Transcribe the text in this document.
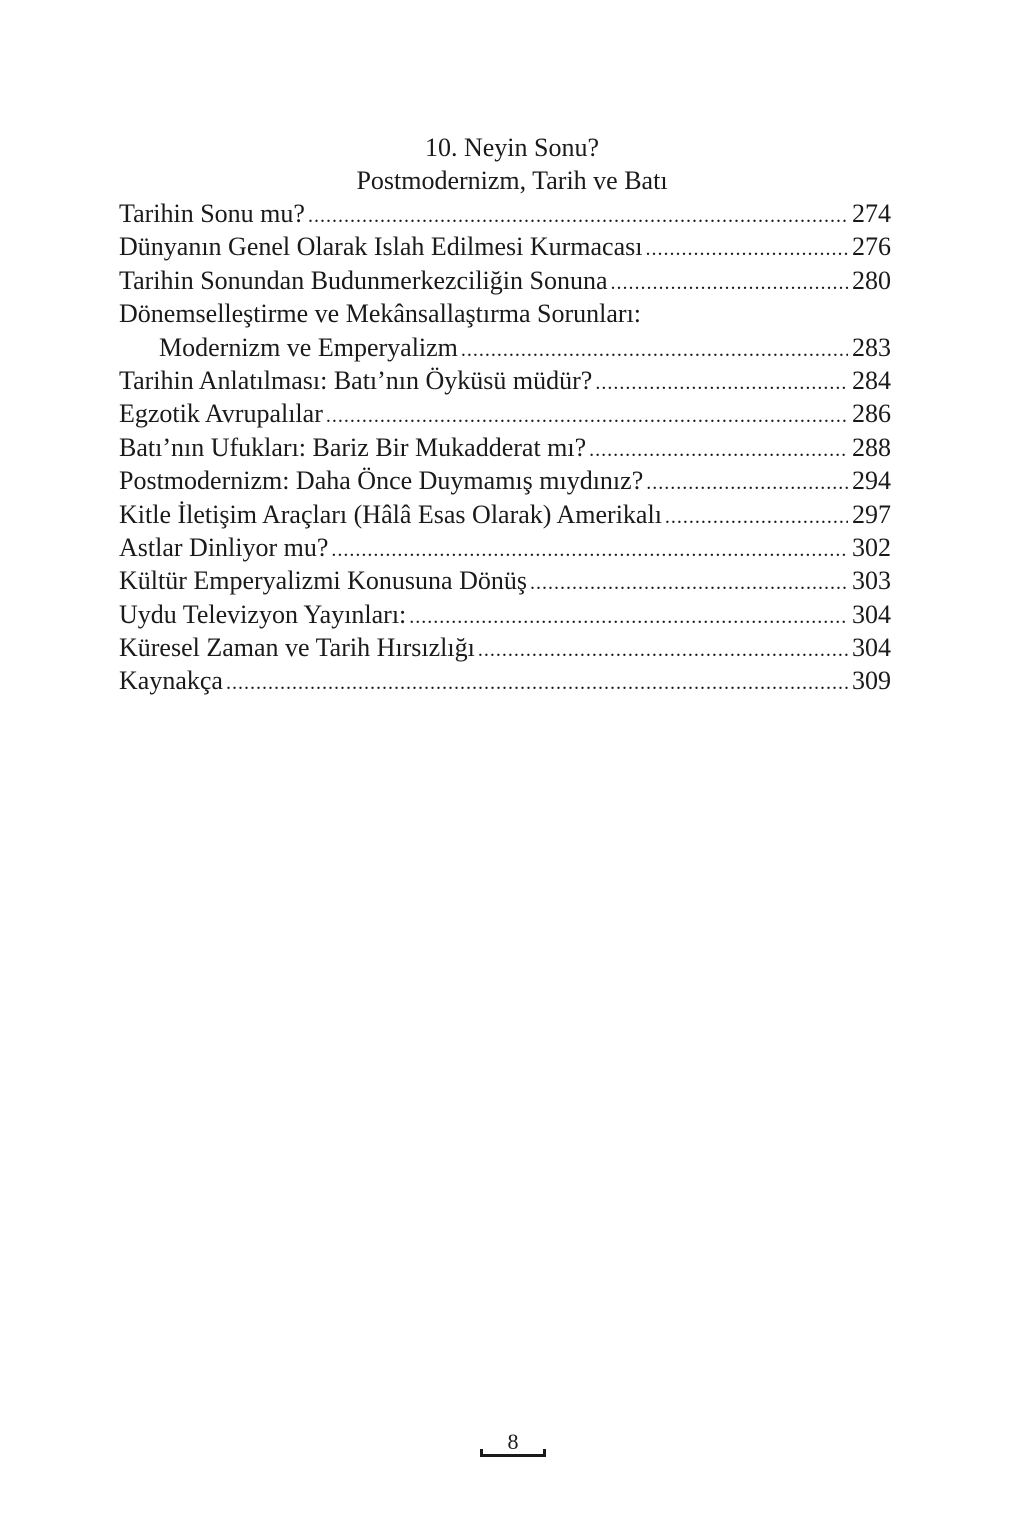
10. Neyin Sonu?
Postmodernizm, Tarih ve Batı
Tarihin Sonu mu? .....	274
Dünyanın Genel Olarak Islah Edilmesi Kurmacası .....	276
Tarihin Sonundan Budunmerkezciliğin Sonuna .....	280
Dönemselleştirme ve Mekânsallaştırma Sorunları:
Modernizm ve Emperyalizm .....	283
Tarihin Anlatılması: Batı’nın Öyküsü müdür? .....	284
Egzotik Avrupalılar .....	286
Batı’nın Ufukları: Bariz Bir Mukadderat mı? .....	288
Postmodernizm: Daha Önce Duymamış mıydınız? .....	294
Kitle İletişim Araçları (Hâlâ Esas Olarak) Amerikalı .....	297
Astlar Dinliyor mu? .....	302
Kültür Emperyalizmi Konusuna Dönüş .....	303
Uydu Televizyon Yayınları: .....	304
Küresel Zaman ve Tarih Hırsızlığı .....	304
Kaynakça .....	309
8
